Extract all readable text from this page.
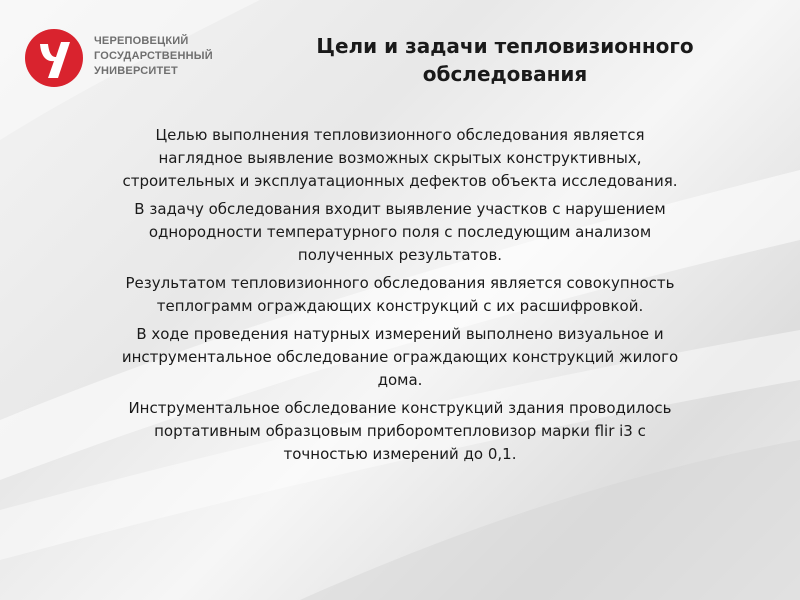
ЧЕРЕПОВЕЦКИЙ
ГОСУДАРСТВЕННЫЙ
УНИВЕРСИТЕТ
Цели и задачи тепловизионного
обследования

Целью выполнения тепловизионного обследования является
наглядное выявление возможных скрытых конструктивных,
строительных и эксплуатационных дефектов объекта исследования.

В задачу обследования входит выявление участков с нарушением
однородности температурного поля с последующим анализом
полученных результатов.

Результатом тепловизионного обследования является совокупность
теплограмм ограждающих конструкций с их расшифровкой.

В ходе проведения натурных измерений выполнено визуальное и
инструментальное обследование ограждающих конструкций жилого
дома.

Инструментальное обследование конструкций здания проводилось
портативным образцовым приборомтепловизор марки flir i3 с
точностью измерений до 0,1.
